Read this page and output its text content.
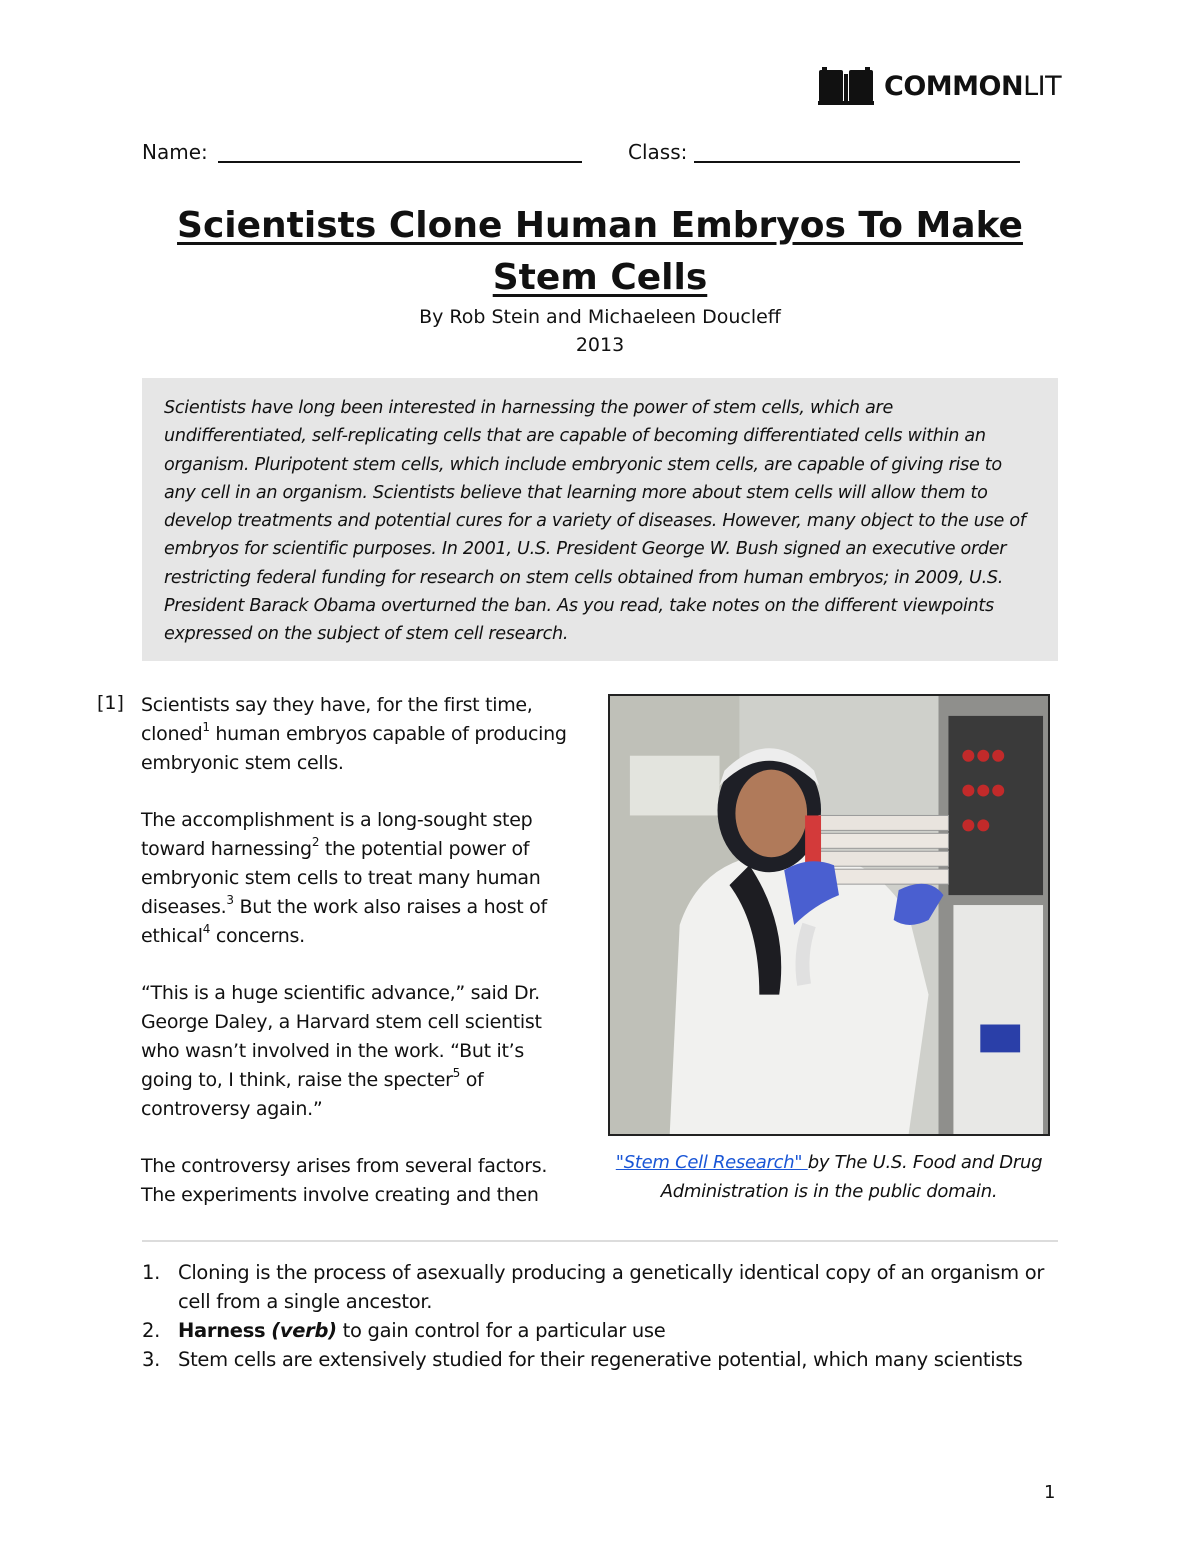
COMMONLIT
Name:	Class:
Scientists Clone Human Embryos To Make Stem Cells
By Rob Stein and Michaeleen Doucleff
2013
Scientists have long been interested in harnessing the power of stem cells, which are undifferentiated, self-replicating cells that are capable of becoming differentiated cells within an organism. Pluripotent stem cells, which include embryonic stem cells, are capable of giving rise to any cell in an organism. Scientists believe that learning more about stem cells will allow them to develop treatments and potential cures for a variety of diseases. However, many object to the use of embryos for scientific purposes. In 2001, U.S. President George W. Bush signed an executive order restricting federal funding for research on stem cells obtained from human embryos; in 2009, U.S. President Barack Obama overturned the ban. As you read, take notes on the different viewpoints expressed on the subject of stem cell research.
[1] Scientists say they have, for the first time, cloned$^1$ human embryos capable of producing embryonic stem cells.

The accomplishment is a long-sought step toward harnessing$^2$ the potential power of embryonic stem cells to treat many human diseases.$^3$ But the work also raises a host of ethical$^4$ concerns.

“This is a huge scientific advance,” said Dr. George Daley, a Harvard stem cell scientist who wasn’t involved in the work. “But it’s going to, I think, raise the specter$^5$ of controversy again.”

The controversy arises from several factors. The experiments involve creating and then

"Stem Cell Research" by The U.S. Food and Drug Administration is in the public domain.
1. Cloning is the process of asexually producing a genetically identical copy of an organism or cell from a single ancestor.
2. Harness (verb) to gain control for a particular use
3. Stem cells are extensively studied for their regenerative potential, which many scientists
1
